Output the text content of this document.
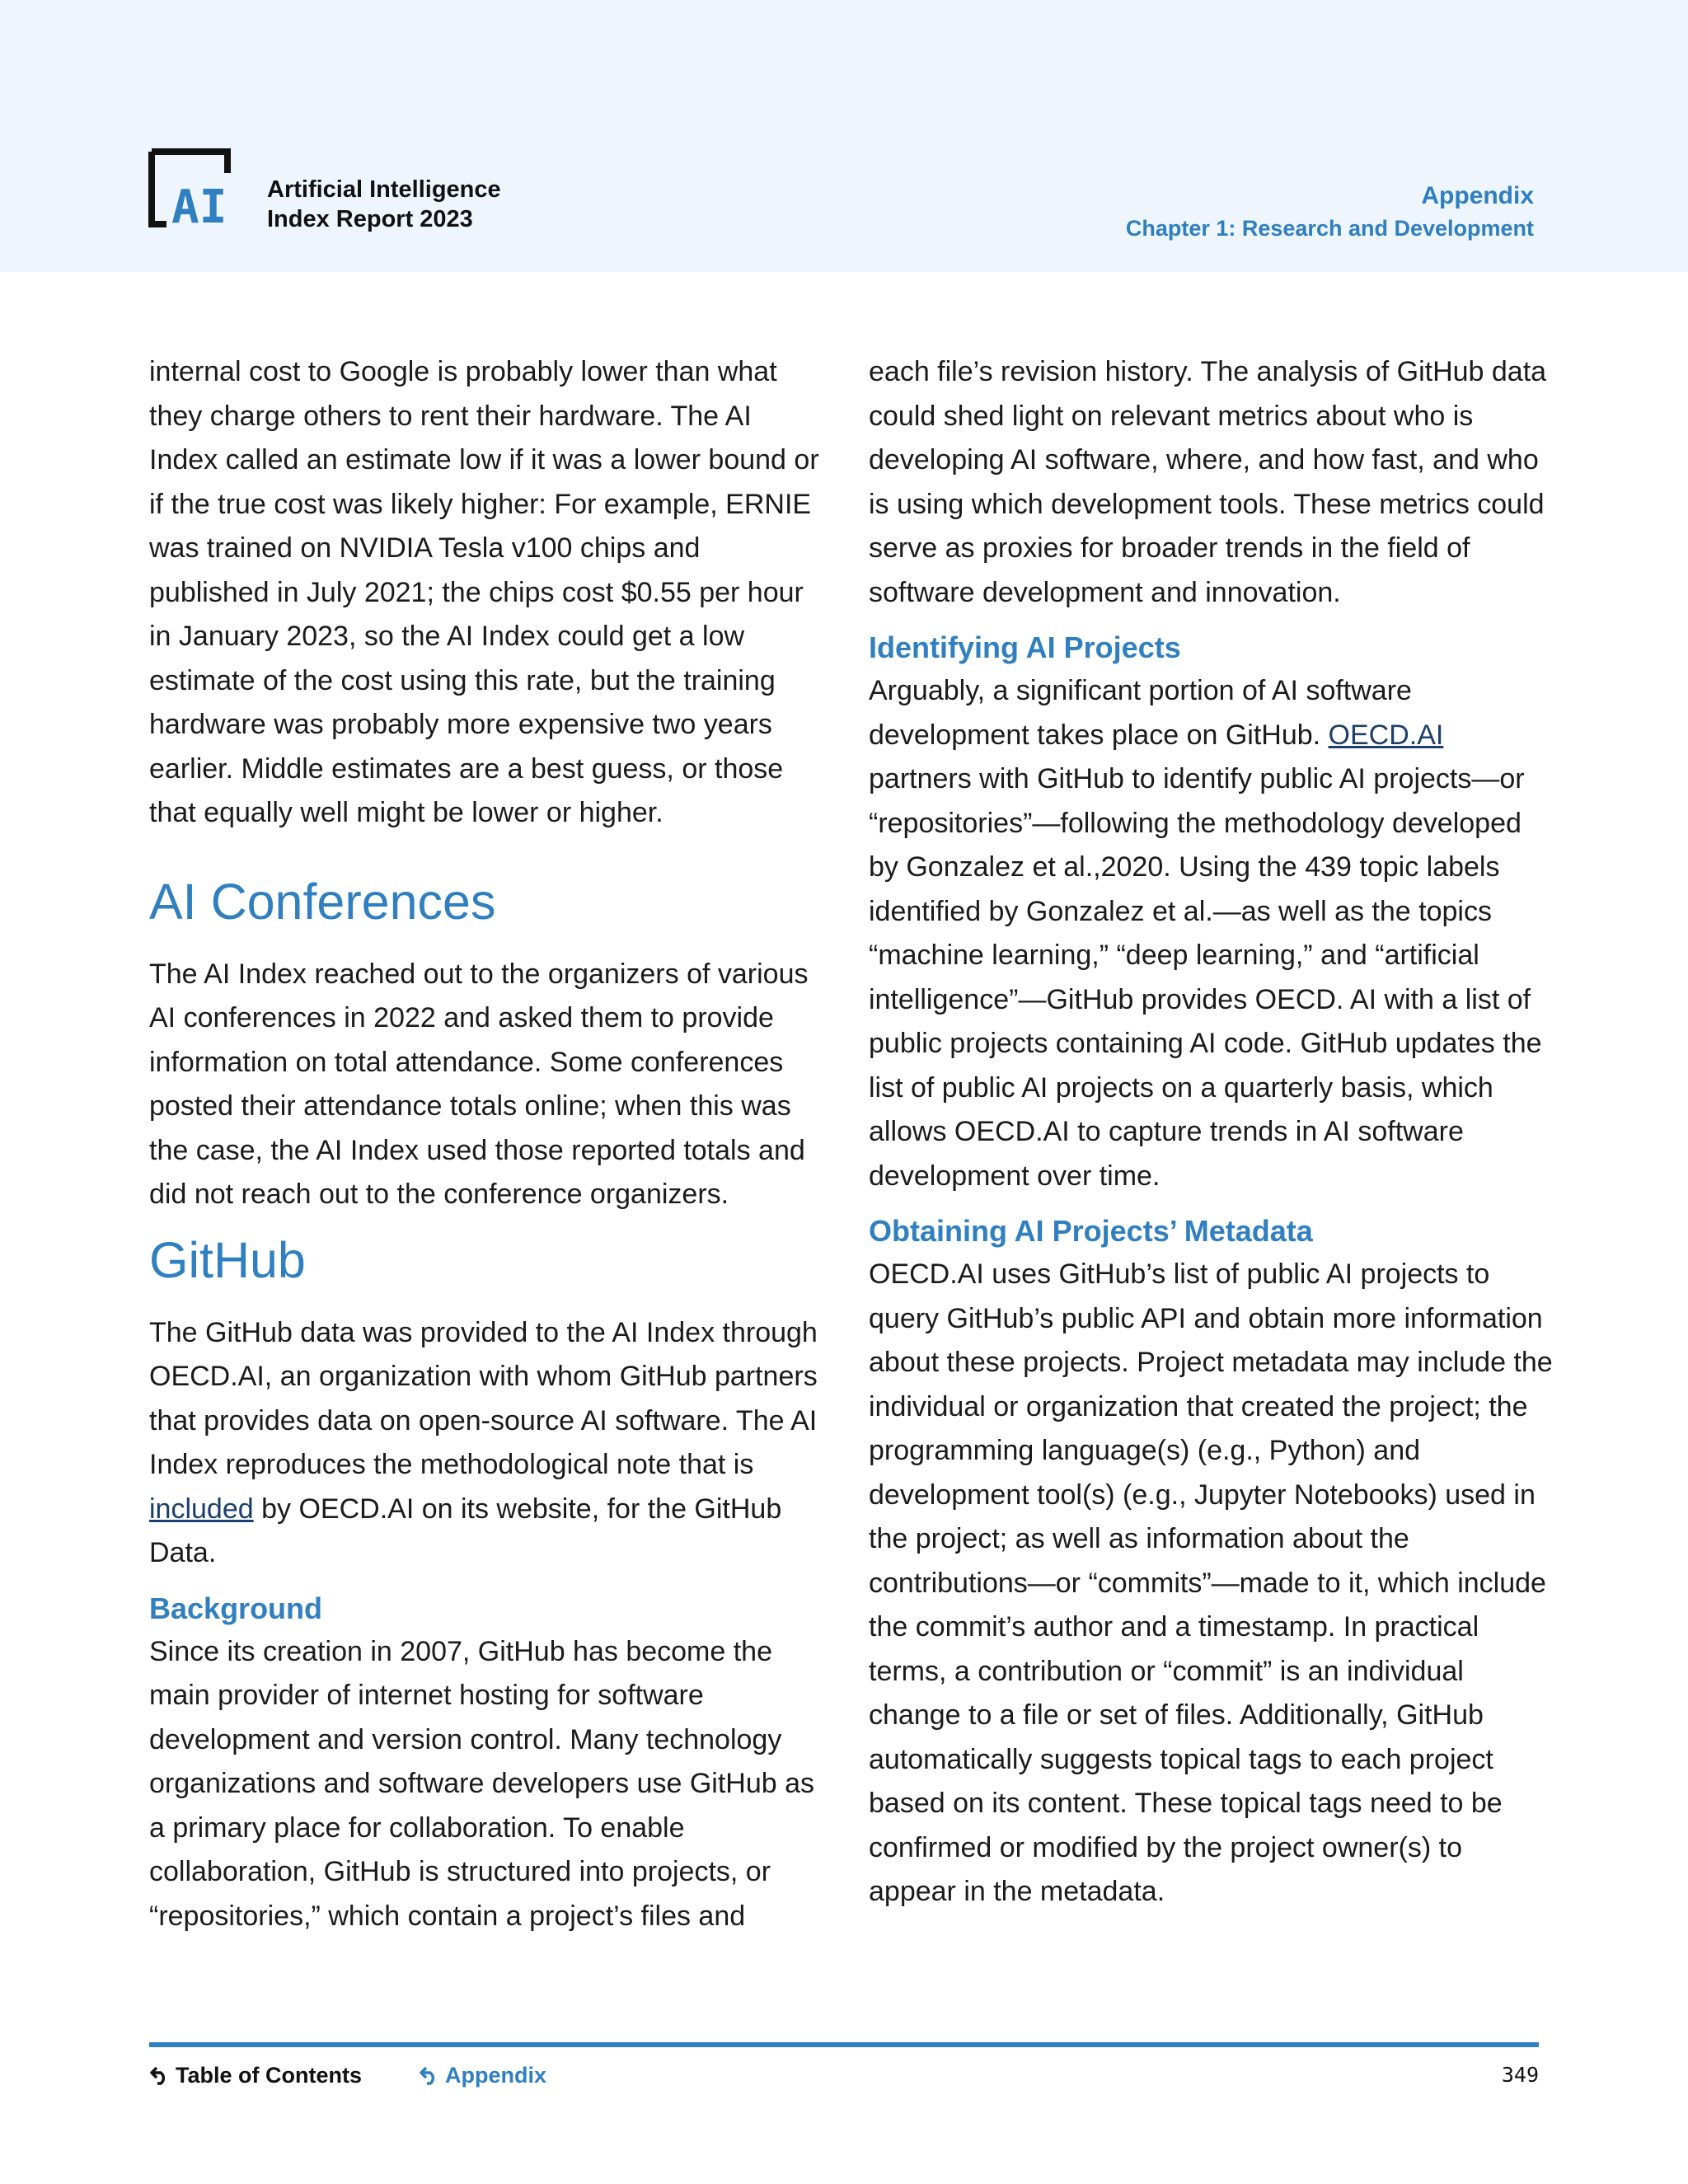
AI Artificial Intelligence
Index Report 2023
Appendix
Chapter 1: Research and Development

internal cost to Google is probably lower than what they charge others to rent their hardware. The AI Index called an estimate low if it was a lower bound or if the true cost was likely higher: For example, ERNIE was trained on NVIDIA Tesla v100 chips and published in July 2021; the chips cost $0.55 per hour in January 2023, so the AI Index could get a low estimate of the cost using this rate, but the training hardware was probably more expensive two years earlier. Middle estimates are a best guess, or those that equally well might be lower or higher.

AI Conferences

The AI Index reached out to the organizers of various AI conferences in 2022 and asked them to provide information on total attendance. Some conferences posted their attendance totals online; when this was the case, the AI Index used those reported totals and did not reach out to the conference organizers.

GitHub

The GitHub data was provided to the AI Index through OECD.AI, an organization with whom GitHub partners that provides data on open-source AI software. The AI Index reproduces the methodological note that is included by OECD.AI on its website, for the GitHub Data.

Background

Since its creation in 2007, GitHub has become the main provider of internet hosting for software development and version control. Many technology organizations and software developers use GitHub as a primary place for collaboration. To enable collaboration, GitHub is structured into projects, or “repositories,” which contain a project’s files and

each file’s revision history. The analysis of GitHub data could shed light on relevant metrics about who is developing AI software, where, and how fast, and who is using which development tools. These metrics could serve as proxies for broader trends in the field of software development and innovation.

Identifying AI Projects

Arguably, a significant portion of AI software development takes place on GitHub. OECD.AI partners with GitHub to identify public AI projects—or “repositories”—following the methodology developed by Gonzalez et al.,2020. Using the 439 topic labels identified by Gonzalez et al.—as well as the topics “machine learning,” “deep learning,” and “artificial intelligence”—GitHub provides OECD. AI with a list of public projects containing AI code. GitHub updates the list of public AI projects on a quarterly basis, which allows OECD.AI to capture trends in AI software development over time.

Obtaining AI Projects’ Metadata

OECD.AI uses GitHub’s list of public AI projects to query GitHub’s public API and obtain more information about these projects. Project metadata may include the individual or organization that created the project; the programming language(s) (e.g., Python) and development tool(s) (e.g., Jupyter Notebooks) used in the project; as well as information about the contributions—or “commits”—made to it, which include the commit’s author and a timestamp. In practical terms, a contribution or “commit” is an individual change to a file or set of files. Additionally, GitHub automatically suggests topical tags to each project based on its content. These topical tags need to be confirmed or modified by the project owner(s) to appear in the metadata.

Table of Contents	Appendix	349
